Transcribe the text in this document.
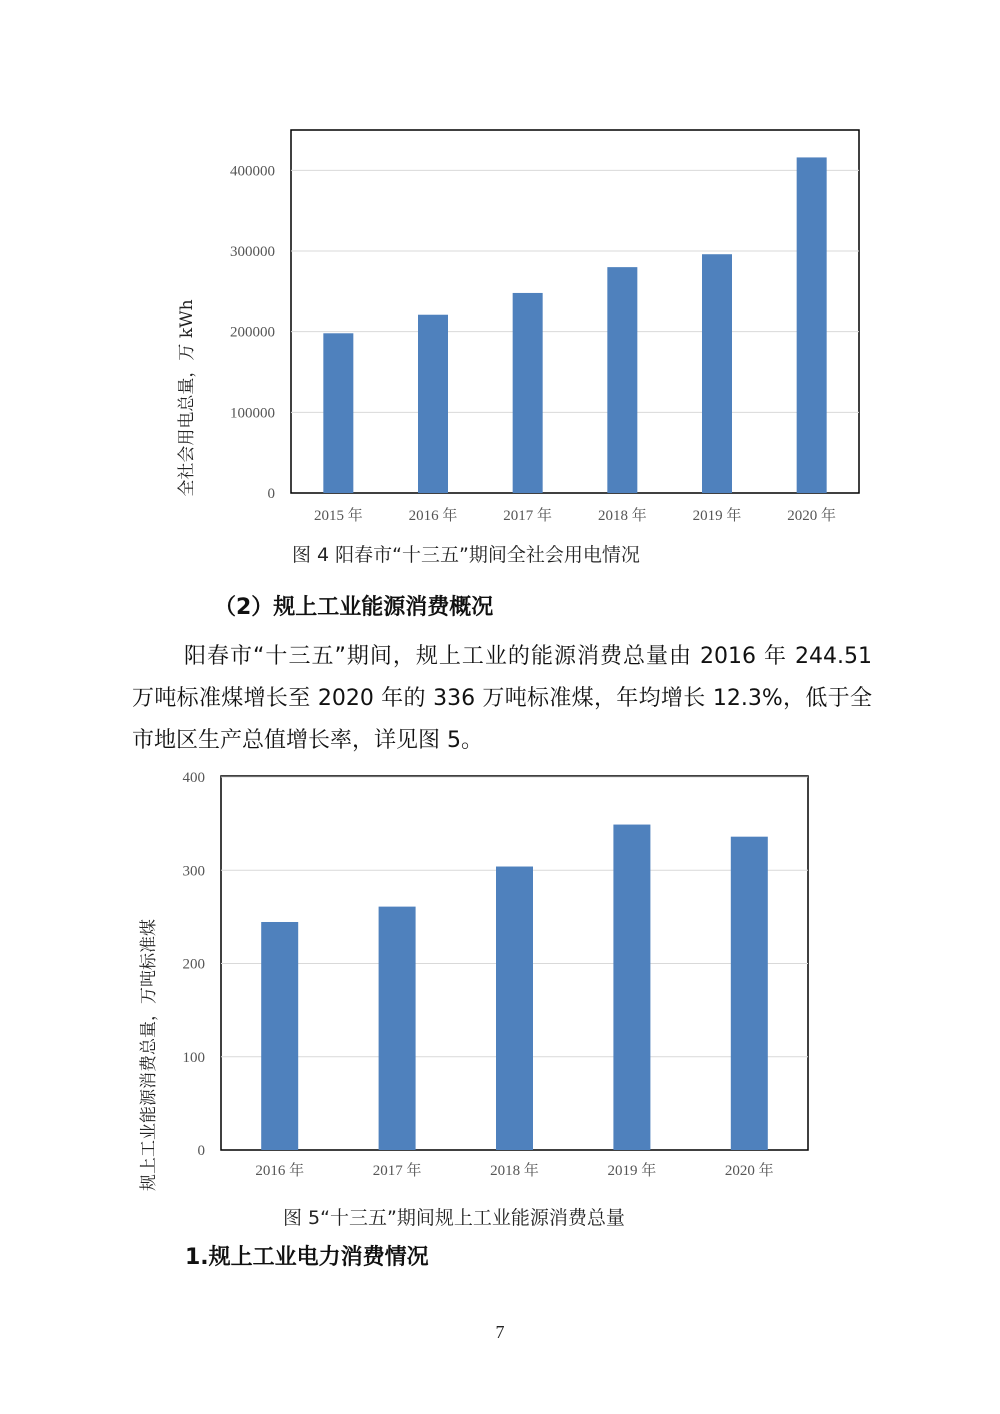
0
100000
200000
300000
400000
2015 年	2016 年	2017 年	2018 年	2019 年	2020 年
全社会用电总量，万 kWh
0
100
200
300
400
2016 年	2017 年	2018 年	2019 年	2020 年
规上工业能源消费总量，万吨标准煤
图 4 阳春市“十三五”期间全社会用电情况
（2）规上工业能源消费概况
阳春市“十三五”期间，规上工业的能源消费总量由 2016 年 244.51 万吨标准煤增长至 2020 年的 336 万吨标准煤，年均增长 12.3%，低于全市地区生产总值增长率，详见图 5。
图 5“十三五”期间规上工业能源消费总量
1.规上工业电力消费情况
7
